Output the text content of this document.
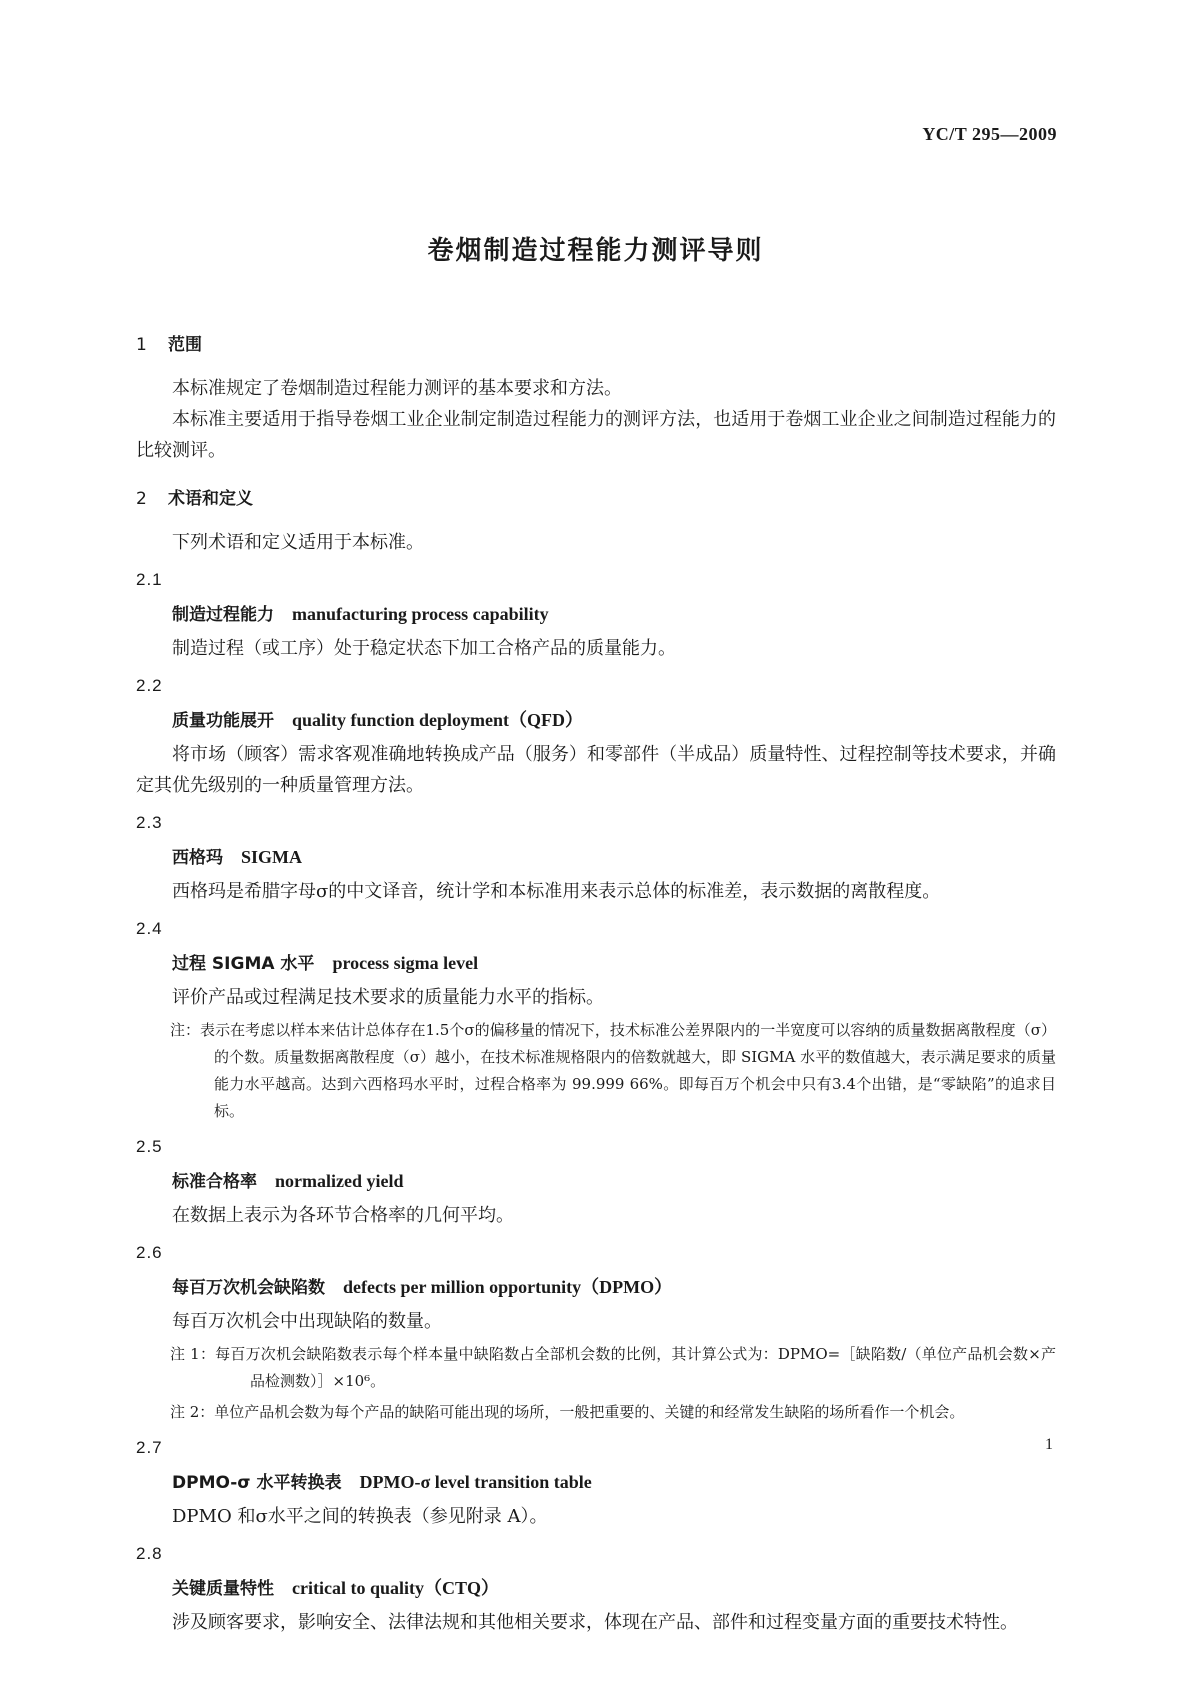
YC/T 295—2009
卷烟制造过程能力测评导则
1 范围

本标准规定了卷烟制造过程能力测评的基本要求和方法。

本标准主要适用于指导卷烟工业企业制定制造过程能力的测评方法，也适用于卷烟工业企业之间制造过程能力的比较测评。

2 术语和定义

下列术语和定义适用于本标准。

2.1
制造过程能力 manufacturing process capability
制造过程（或工序）处于稳定状态下加工合格产品的质量能力。
2.2
质量功能展开 quality function deployment（QFD）

将市场（顾客）需求客观准确地转换成产品（服务）和零部件（半成品）质量特性、过程控制等技术要求，并确定其优先级别的一种质量管理方法。

2.3
西格玛 SIGMA
西格玛是希腊字母σ的中文译音，统计学和本标准用来表示总体的标准差，表示数据的离散程度。
2.4
过程 SIGMA 水平 process sigma level
评价产品或过程满足技术要求的质量能力水平的指标。
注：表示在考虑以样本来估计总体存在1.5个σ的偏移量的情况下，技术标准公差界限内的一半宽度可以容纳的质量数据离散程度（σ）的个数。质量数据离散程度（σ）越小，在技术标准规格限内的倍数就越大，即 SIGMA 水平的数值越大，表示满足要求的质量能力水平越高。达到六西格玛水平时，过程合格率为 99.999 66%。即每百万个机会中只有3.4个出错，是“零缺陷”的追求目标。
2.5
标准合格率 normalized yield
在数据上表示为各环节合格率的几何平均。
2.6
每百万次机会缺陷数 defects per million opportunity（DPMO）
每百万次机会中出现缺陷的数量。
注 1：每百万次机会缺陷数表示每个样本量中缺陷数占全部机会数的比例，其计算公式为：DPMO=［缺陷数/（单位产品机会数×产品检测数）］×10⁶。
注 2：单位产品机会数为每个产品的缺陷可能出现的场所，一般把重要的、关键的和经常发生缺陷的场所看作一个机会。
2.7
DPMO-σ 水平转换表 DPMO-σ level transition table
DPMO 和σ水平之间的转换表（参见附录 A）。
2.8
关键质量特性 critical to quality（CTQ）
涉及顾客要求，影响安全、法律法规和其他相关要求，体现在产品、部件和过程变量方面的重要技术特性。
1
